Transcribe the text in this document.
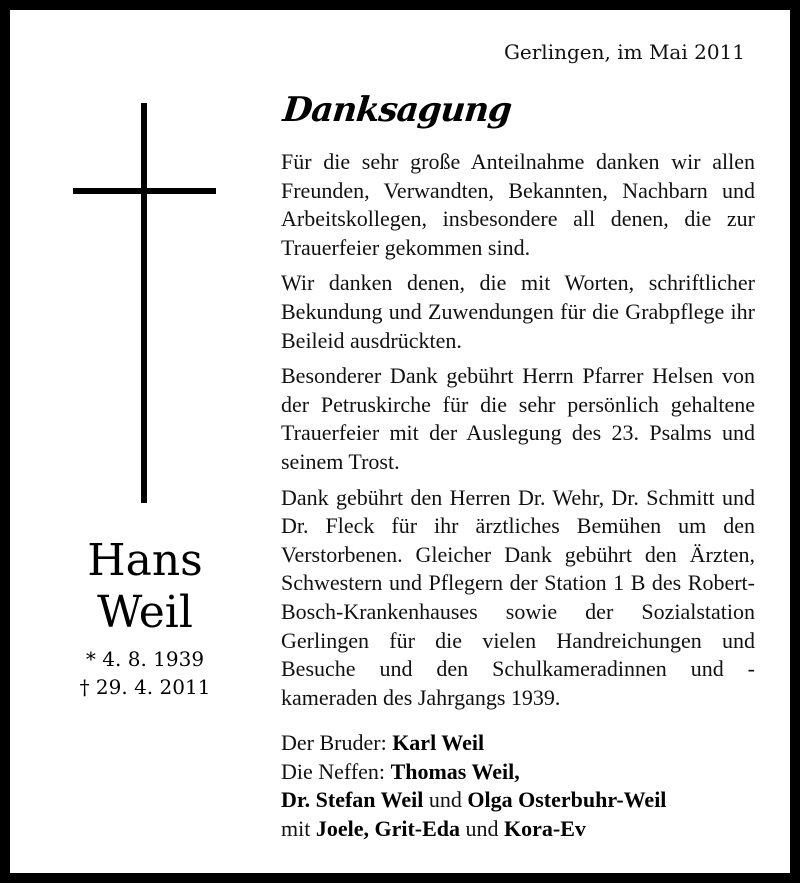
Gerlingen, im Mai 2011
Hans
Weil
* 4. 8. 1939
† 29. 4. 2011
Danksagung

Für die sehr große Anteilnahme danken wir allen Freunden, Verwandten, Bekannten, Nachbarn und Arbeitskollegen, insbesondere all denen, die zur Trauerfeier gekommen sind.

Wir danken denen, die mit Worten, schriftlicher Bekundung und Zuwendungen für die Grabpflege ihr Beileid ausdrückten.

Besonderer Dank gebührt Herrn Pfarrer Helsen von der Petruskirche für die sehr persönlich gehaltene Trauerfeier mit der Auslegung des 23. Psalms und seinem Trost.

Dank gebührt den Herren Dr. Wehr, Dr. Schmitt und Dr. Fleck für ihr ärztliches Bemühen um den Verstorbenen. Gleicher Dank gebührt den Ärzten, Schwestern und Pflegern der Station 1 B des Robert-Bosch-Krankenhauses sowie der Sozialstation Gerlingen für die vielen Handreichungen und Besuche und den Schulkameradinnen und -kameraden des Jahrgangs 1939.

Der Bruder: Karl Weil
Die Neffen: Thomas Weil,
Dr. Stefan Weil und Olga Osterbuhr-Weil
mit Joele, Grit-Eda und Kora-Ev
